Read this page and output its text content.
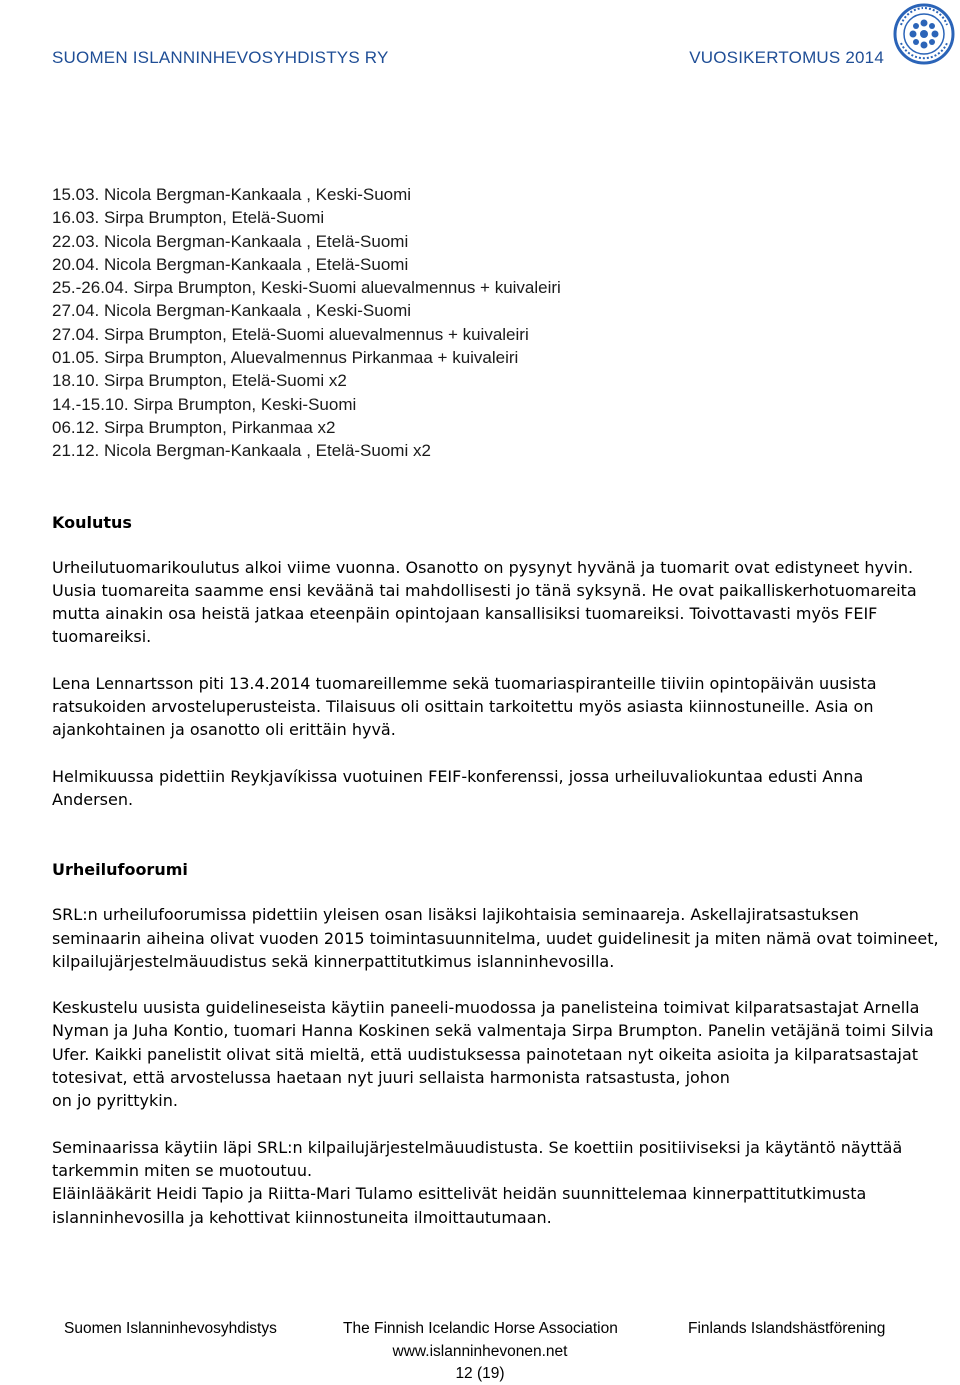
SUOMEN ISLANNINHEVOSYHDISTYS RY	VUOSIKERTOMUS 2014
15.03. Nicola Bergman-Kankaala , Keski-Suomi
16.03. Sirpa Brumpton, Etelä-Suomi
22.03. Nicola Bergman-Kankaala , Etelä-Suomi
20.04. Nicola Bergman-Kankaala , Etelä-Suomi
25.-26.04. Sirpa Brumpton, Keski-Suomi aluevalmennus + kuivaleiri
27.04. Nicola Bergman-Kankaala , Keski-Suomi
27.04. Sirpa Brumpton, Etelä-Suomi aluevalmennus + kuivaleiri
01.05. Sirpa Brumpton, Aluevalmennus Pirkanmaa + kuivaleiri
18.10. Sirpa Brumpton, Etelä-Suomi x2
14.-15.10. Sirpa Brumpton, Keski-Suomi
06.12. Sirpa Brumpton, Pirkanmaa x2
21.12. Nicola Bergman-Kankaala , Etelä-Suomi x2
Koulutus

Urheilutuomarikoulutus alkoi viime vuonna. Osanotto on pysynyt hyvänä ja tuomarit ovat edistyneet hyvin. Uusia tuomareita saamme ensi keväänä tai mahdollisesti jo tänä syksynä. He ovat paikalliskerhotuomareita mutta ainakin osa heistä jatkaa eteenpäin opintojaan kansallisiksi tuomareiksi. Toivottavasti myös FEIF tuomareiksi.

Lena Lennartsson piti 13.4.2014 tuomareillemme sekä tuomariaspiranteille tiiviin opintopäivän uusista ratsukoiden arvosteluperusteista. Tilaisuus oli osittain tarkoitettu myös asiasta kiinnostuneille. Asia on ajankohtainen ja osanotto oli erittäin hyvä.

Helmikuussa pidettiin Reykjavíkissa vuotuinen FEIF-konferenssi, jossa urheiluvaliokuntaa edusti Anna Andersen.

Urheilufoorumi

SRL:n urheilufoorumissa pidettiin yleisen osan lisäksi lajikohtaisia seminaareja. Askellajiratsastuksen seminaarin aiheina olivat vuoden 2015 toimintasuunnitelma, uudet guidelinesit ja miten nämä ovat toimineet, kilpailujärjestelmäuudistus sekä kinnerpattitutkimus islanninhevosilla.

Keskustelu uusista guidelineseista käytiin paneeli-muodossa ja panelisteina toimivat kilparatsastajat Arnella Nyman ja Juha Kontio, tuomari Hanna Koskinen sekä valmentaja Sirpa Brumpton. Panelin vetäjänä toimi Silvia Ufer. Kaikki panelistit olivat sitä mieltä, että uudistuksessa painotetaan nyt oikeita asioita ja kilparatsastajat totesivat, että arvostelussa haetaan nyt juuri sellaista harmonista ratsastusta, johon

on jo pyrittykin.

Seminaarissa käytiin läpi SRL:n kilpailujärjestelmäuudistusta. Se koettiin positiiviseksi ja käytäntö näyttää tarkemmin miten se muotoutuu.

Eläinlääkärit Heidi Tapio ja Riitta-Mari Tulamo esittelivät heidän suunnittelemaa kinnerpattitutkimusta islanninhevosilla ja kehottivat kiinnostuneita ilmoittautumaan.

Suomen Islanninhevosyhdistys	The Finnish Icelandic Horse Association	Finlands Islandshästförening
www.islanninhevonen.net
12 (19)
